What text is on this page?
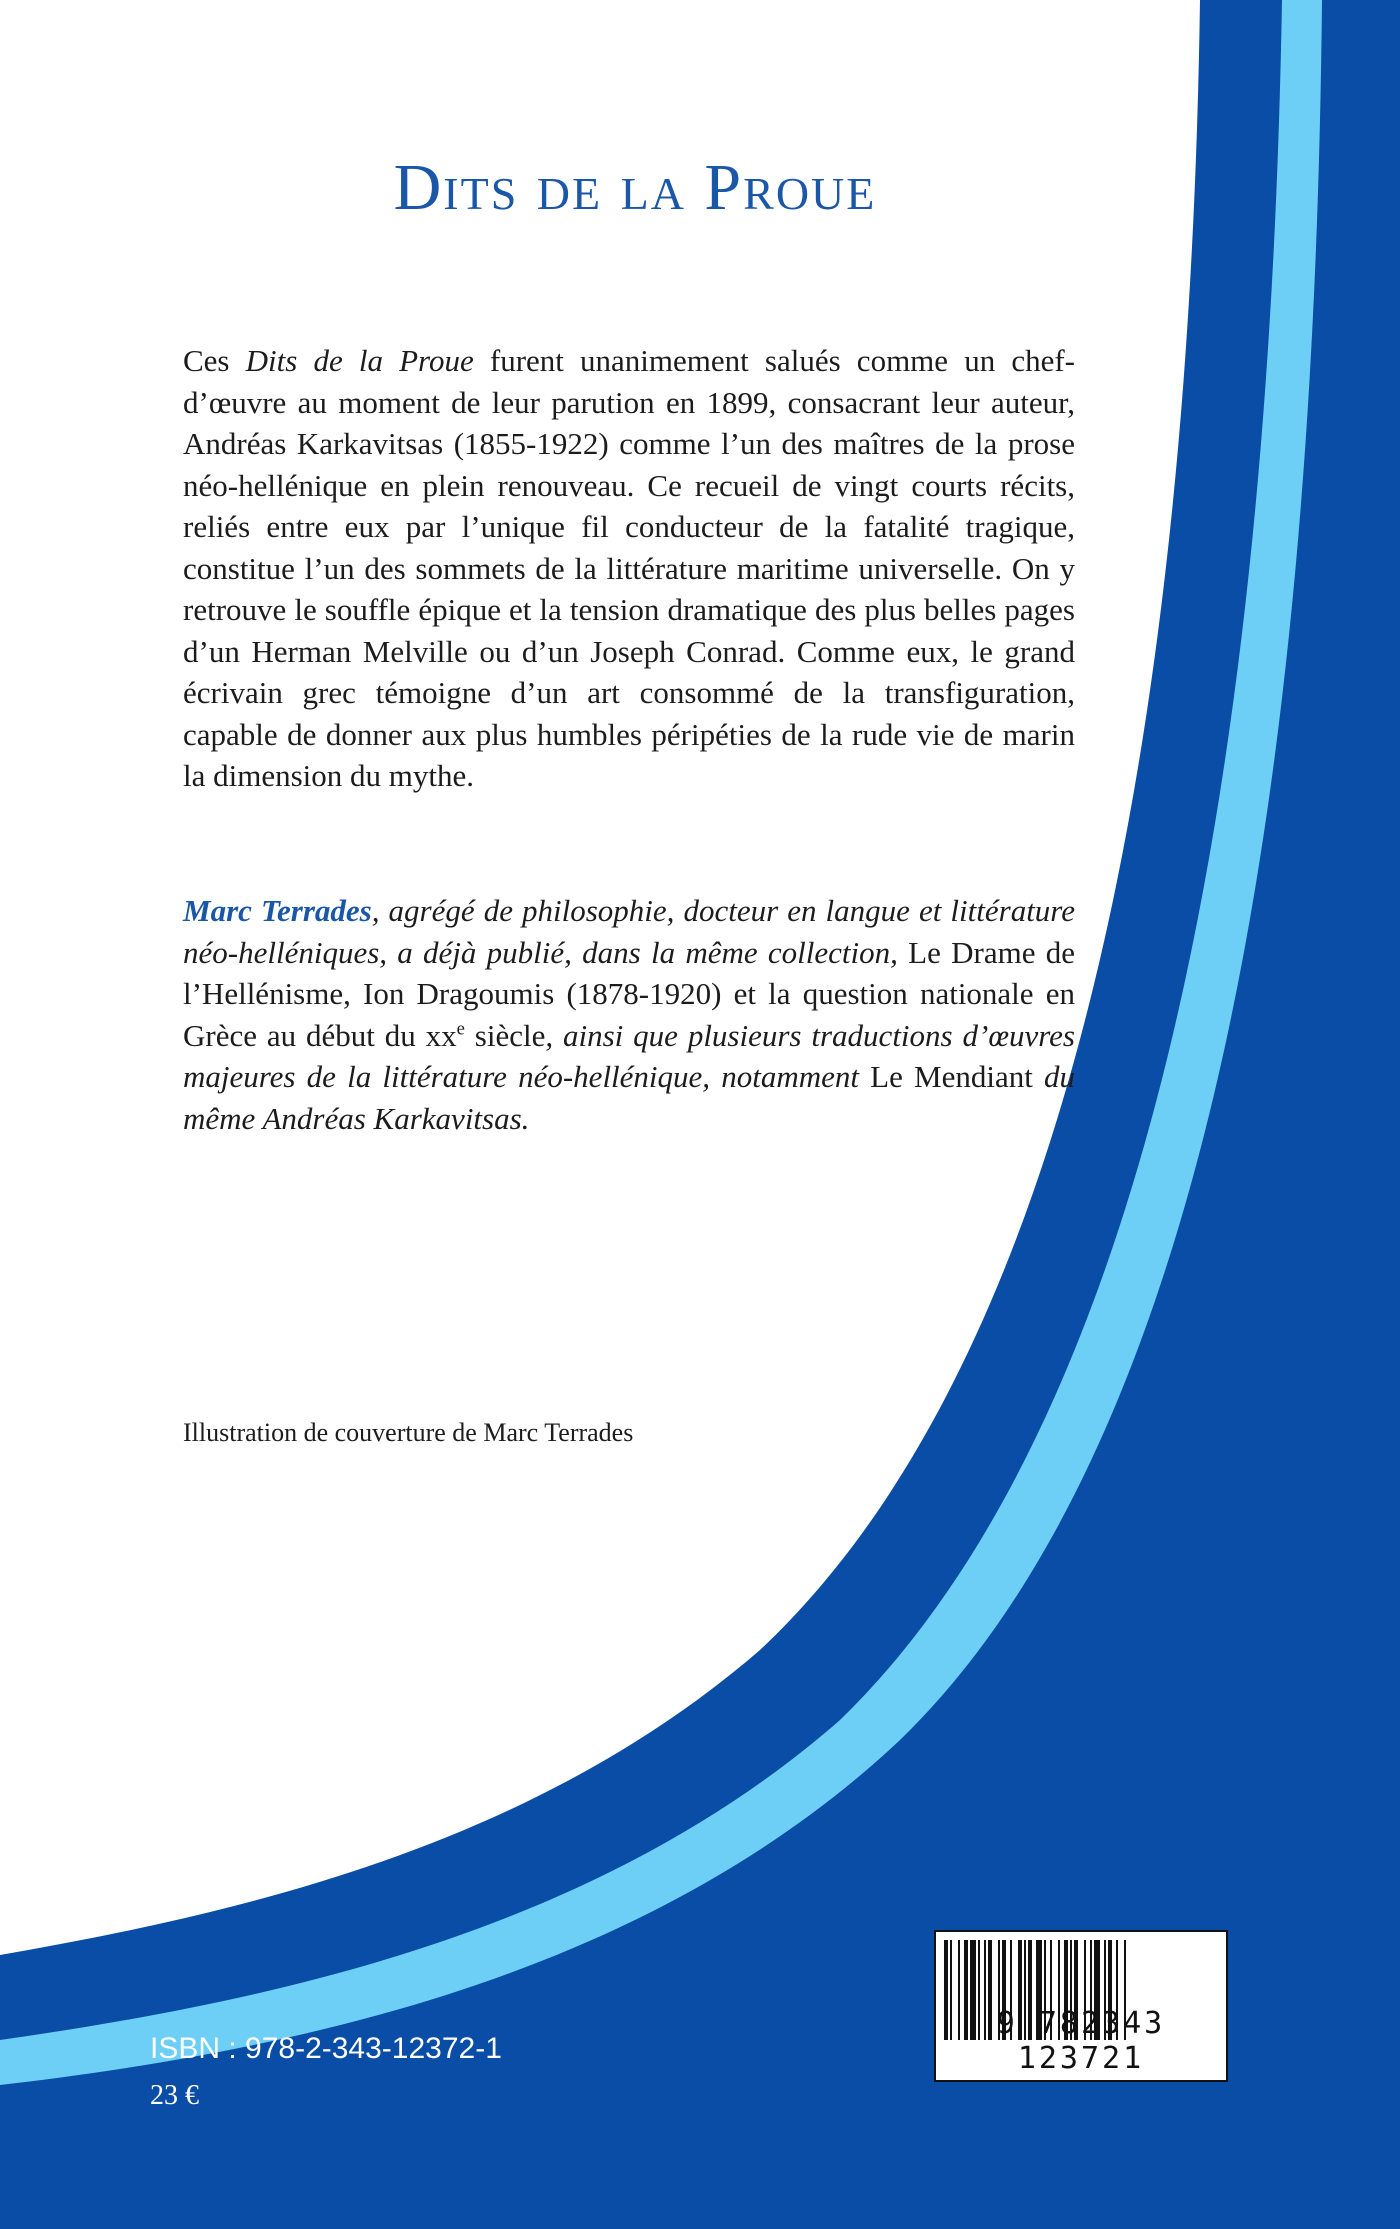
Dits de la Proue

Ces Dits de la Proue furent unanimement salués comme un chef-d’œuvre au moment de leur parution en 1899, consacrant leur auteur, Andréas Karkavitsas (1855-1922) comme l’un des maîtres de la prose néo-hellénique en plein renouveau. Ce recueil de vingt courts récits, reliés entre eux par l’unique fil conducteur de la fatalité tragique, constitue l’un des sommets de la littérature maritime universelle. On y retrouve le souffle épique et la tension dramatique des plus belles pages d’un Herman Melville ou d’un Joseph Conrad. Comme eux, le grand écrivain grec témoigne d’un art consommé de la transfiguration, capable de donner aux plus humbles péripéties de la rude vie de marin la dimension du mythe.

Marc Terrades, agrégé de philosophie, docteur en langue et littérature néo-helléniques, a déjà publié, dans la même collection, Le Drame de l’Hellénisme, Ion Dragoumis (1878-1920) et la question nationale en Grèce au début du $xx^e$ siècle, ainsi que plusieurs traductions d’œuvres majeures de la littérature néo-hellénique, notamment Le Mendiant du même Andréas Karkavitsas.

Illustration de couverture de Marc Terrades

ISBN : 978-2-343-12372-1

23 €

9 782343 123721
